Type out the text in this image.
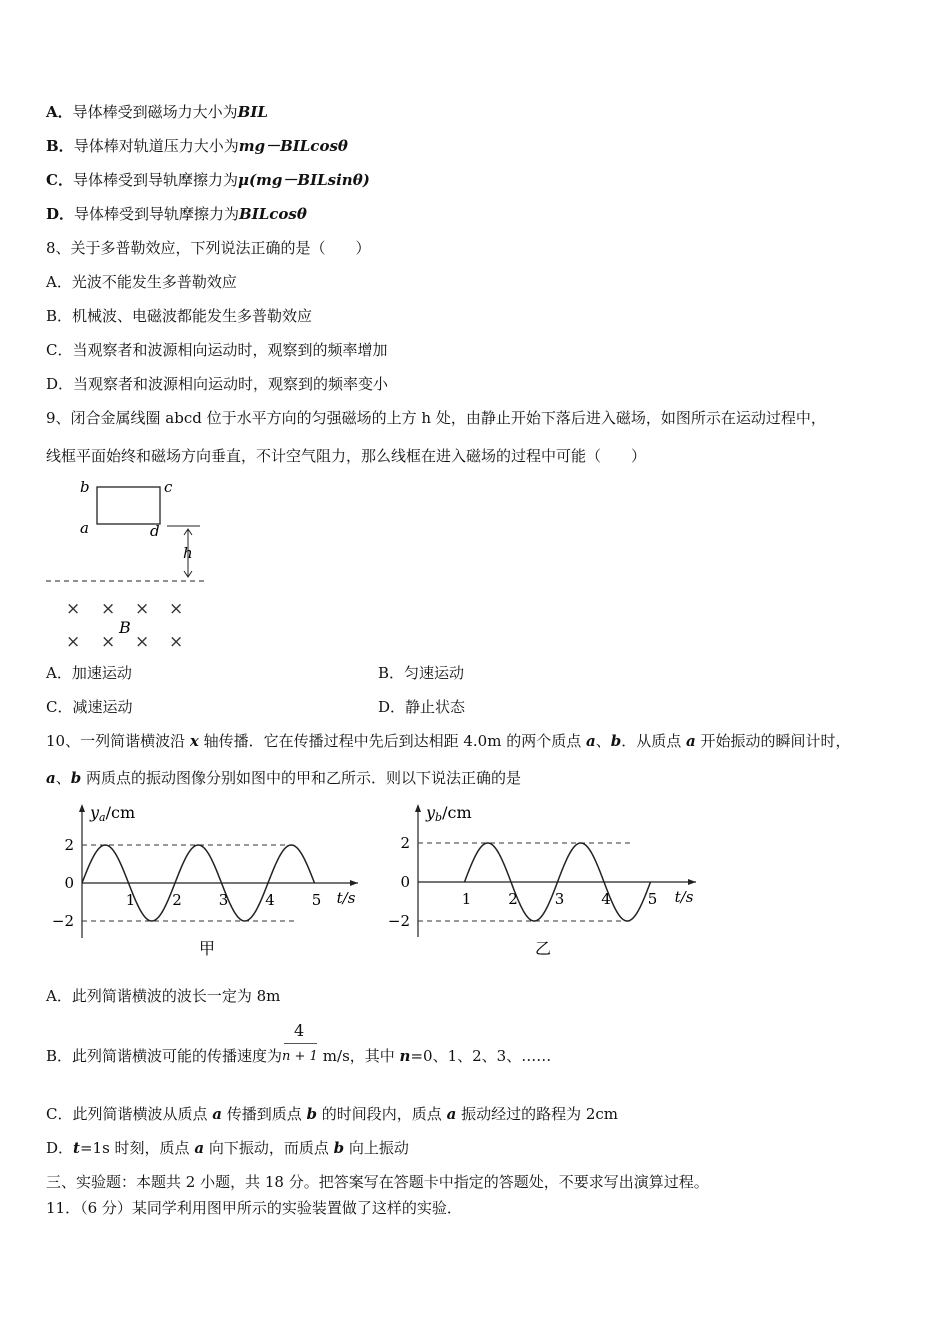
A．导体棒受到磁场力大小为BIL
B．导体棒对轨道压力大小为mg－BILcosθ
C．导体棒受到导轨摩擦力为μ(mg－BILsinθ)
D．导体棒受到导轨摩擦力为BILcosθ
8、关于多普勒效应，下列说法正确的是（　　）
A．光波不能发生多普勒效应
B．机械波、电磁波都能发生多普勒效应
C．当观察者和波源相向运动时，观察到的频率增加
D．当观察者和波源相向运动时，观察到的频率变小
9、闭合金属线圈 abcd 位于水平方向的匀强磁场的上方 h 处，由静止开始下落后进入磁场，如图所示在运动过程中，
线框平面始终和磁场方向垂直，不计空气阻力，那么线框在进入磁场的过程中可能（　　）
b	c
a	d
h
× × × ×
× × × ×
B
A．加速运动	B．匀速运动
C．减速运动	D．静止状态
10、一列简谐横波沿 x 轴传播．它在传播过程中先后到达相距 4.0m 的两个质点 a、b．从质点 a 开始振动的瞬间计时，
a、b 两质点的振动图像分别如图中的甲和乙所示．则以下说法正确的是
2
0
−2
1 2 3 4 5
ya/cm
t/s
甲
2
0
−2
1 2 3 4 5
yb/cm
t/s
乙
A．此列简谐横波的波长一定为 8m
B．此列简谐横波可能的传播速度为 $\frac{4}{n + 1} m/s$，其中 n=0、1、2、3、……
C．此列简谐横波从质点 a 传播到质点 b 的时间段内，质点 a 振动经过的路程为 2cm
D．t=1s 时刻，质点 a 向下振动，而质点 b 向上振动
三、实验题：本题共 2 小题，共 18 分。把答案写在答题卡中指定的答题处，不要求写出演算过程。
11．（6 分）某同学利用图甲所示的实验装置做了这样的实验．
